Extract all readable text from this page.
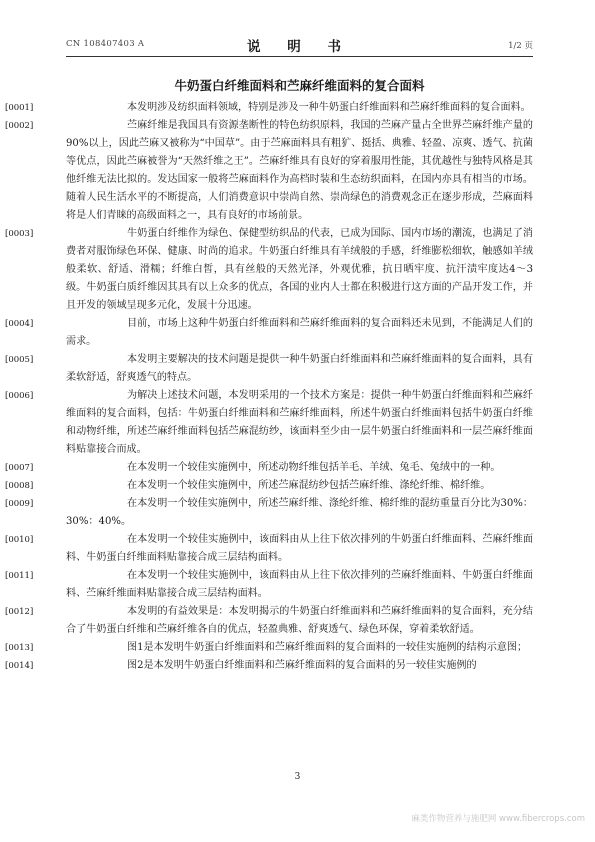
CN 108407403 A	说 明 书	1/2 页
牛奶蛋白纤维面料和苎麻纤维面料的复合面料
[0001]	本发明涉及纺织面料领域，特别是涉及一种牛奶蛋白纤维面料和苎麻纤维面料的复合面料。
[0002]	苎麻纤维是我国具有资源垄断性的特色纺织原料，我国的苎麻产量占全世界苎麻纤维产量的90%以上，因此苎麻又被称为“中国草”。由于苎麻面料具有粗犷、挺括、典雅、轻盈、凉爽、透气、抗菌等优点，因此苎麻被誉为“天然纤维之王”。苎麻纤维具有良好的穿着服用性能，其优越性与独特风格是其他纤维无法比拟的。发达国家一般将苎麻面料作为高档时装和生态纺织面料，在国内亦具有相当的市场。随着人民生活水平的不断提高，人们消费意识中崇尚自然、崇尚绿色的消费观念正在逐步形成，苎麻面料将是人们青睐的高级面料之一，具有良好的市场前景。
[0003]	牛奶蛋白纤维作为绿色、保健型纺织品的代表，已成为国际、国内市场的潮流，也满足了消费者对服饰绿色环保、健康、时尚的追求。牛奶蛋白纤维具有羊绒般的手感，纤维膨松细软，触感如羊绒般柔软、舒适、滑糯；纤维白皙，具有丝般的天然光泽，外观优雅，抗日晒牢度、抗汗渍牢度达4～3级。牛奶蛋白质纤维因其具有以上众多的优点，各国的业内人士都在积极进行这方面的产品开发工作，并且开发的领域呈现多元化，发展十分迅速。
[0004]	目前，市场上这种牛奶蛋白纤维面料和苎麻纤维面料的复合面料还未见到，不能满足人们的需求。
[0005]	本发明主要解决的技术问题是提供一种牛奶蛋白纤维面料和苎麻纤维面料的复合面料，具有柔软舒适，舒爽透气的特点。
[0006]	为解决上述技术问题，本发明采用的一个技术方案是：提供一种牛奶蛋白纤维面料和苎麻纤维面料的复合面料，包括：牛奶蛋白纤维面料和苎麻纤维面料，所述牛奶蛋白纤维面料包括牛奶蛋白纤维和动物纤维，所述苎麻纤维面料包括苎麻混纺纱，该面料至少由一层牛奶蛋白纤维面料和一层苎麻纤维面料贴靠接合而成。
[0007]	在本发明一个较佳实施例中，所述动物纤维包括羊毛、羊绒、兔毛、兔绒中的一种。
[0008]	在本发明一个较佳实施例中，所述苎麻混纺纱包括苎麻纤维、涤纶纤维、棉纤维。
[0009]	在本发明一个较佳实施例中，所述苎麻纤维、涤纶纤维、棉纤维的混纺重量百分比为30%：30%：40%。
[0010]	在本发明一个较佳实施例中，该面料由从上往下依次排列的牛奶蛋白纤维面料、苎麻纤维面料、牛奶蛋白纤维面料贴靠接合成三层结构面料。
[0011]	在本发明一个较佳实施例中，该面料由从上往下依次排列的苎麻纤维面料、牛奶蛋白纤维面料、苎麻纤维面料贴靠接合成三层结构面料。
[0012]	本发明的有益效果是：本发明揭示的牛奶蛋白纤维面料和苎麻纤维面料的复合面料，充分结合了牛奶蛋白纤维和苎麻纤维各自的优点，轻盈典雅、舒爽透气、绿色环保，穿着柔软舒适。
[0013]	图1是本发明牛奶蛋白纤维面料和苎麻纤维面料的复合面料的一较佳实施例的结构示意图；
[0014]	图2是本发明牛奶蛋白纤维面料和苎麻纤维面料的复合面料的另一较佳实施例的
3
麻类作物营养与施肥网 www.fibercrops.com
